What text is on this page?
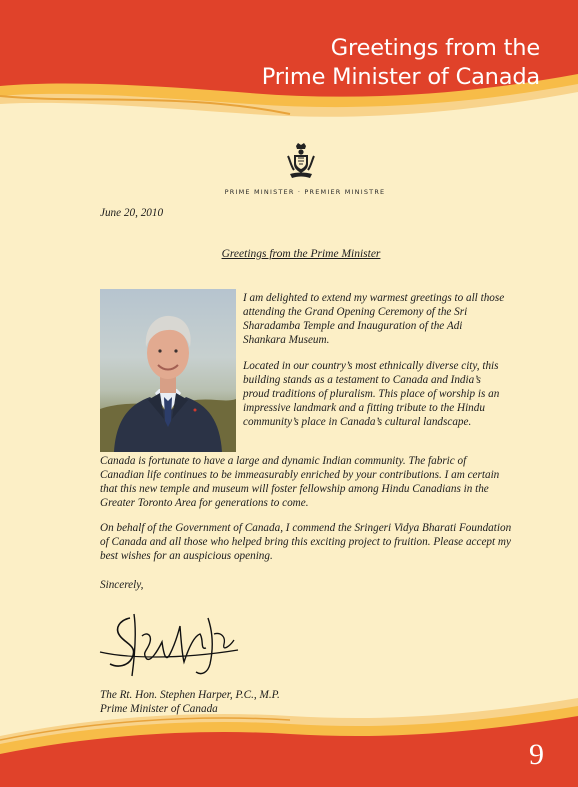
Greetings from the
Prime Minister of Canada
PRIME MINISTER · PREMIER MINISTRE
June 20, 2010
Greetings from the Prime Minister
I am delighted to extend my warmest greetings to all those attending the Grand Opening Ceremony of the Sri Sharadamba Temple and Inauguration of the Adi Shankara Museum.
Located in our country’s most ethnically diverse city, this building stands as a testament to Canada and India’s proud traditions of pluralism. This place of worship is an impressive landmark and a fitting tribute to the Hindu community’s place in Canada’s cultural landscape.
Canada is fortunate to have a large and dynamic Indian community. The fabric of Canadian life continues to be immeasurably enriched by your contributions. I am certain that this new temple and museum will foster fellowship among Hindu Canadians in the Greater Toronto Area for generations to come.
On behalf of the Government of Canada, I commend the Sringeri Vidya Bharati Foundation of Canada and all those who helped bring this exciting project to fruition. Please accept my best wishes for an auspicious opening.
Sincerely,
The Rt. Hon. Stephen Harper, P.C., M.P.
Prime Minister of Canada
9
